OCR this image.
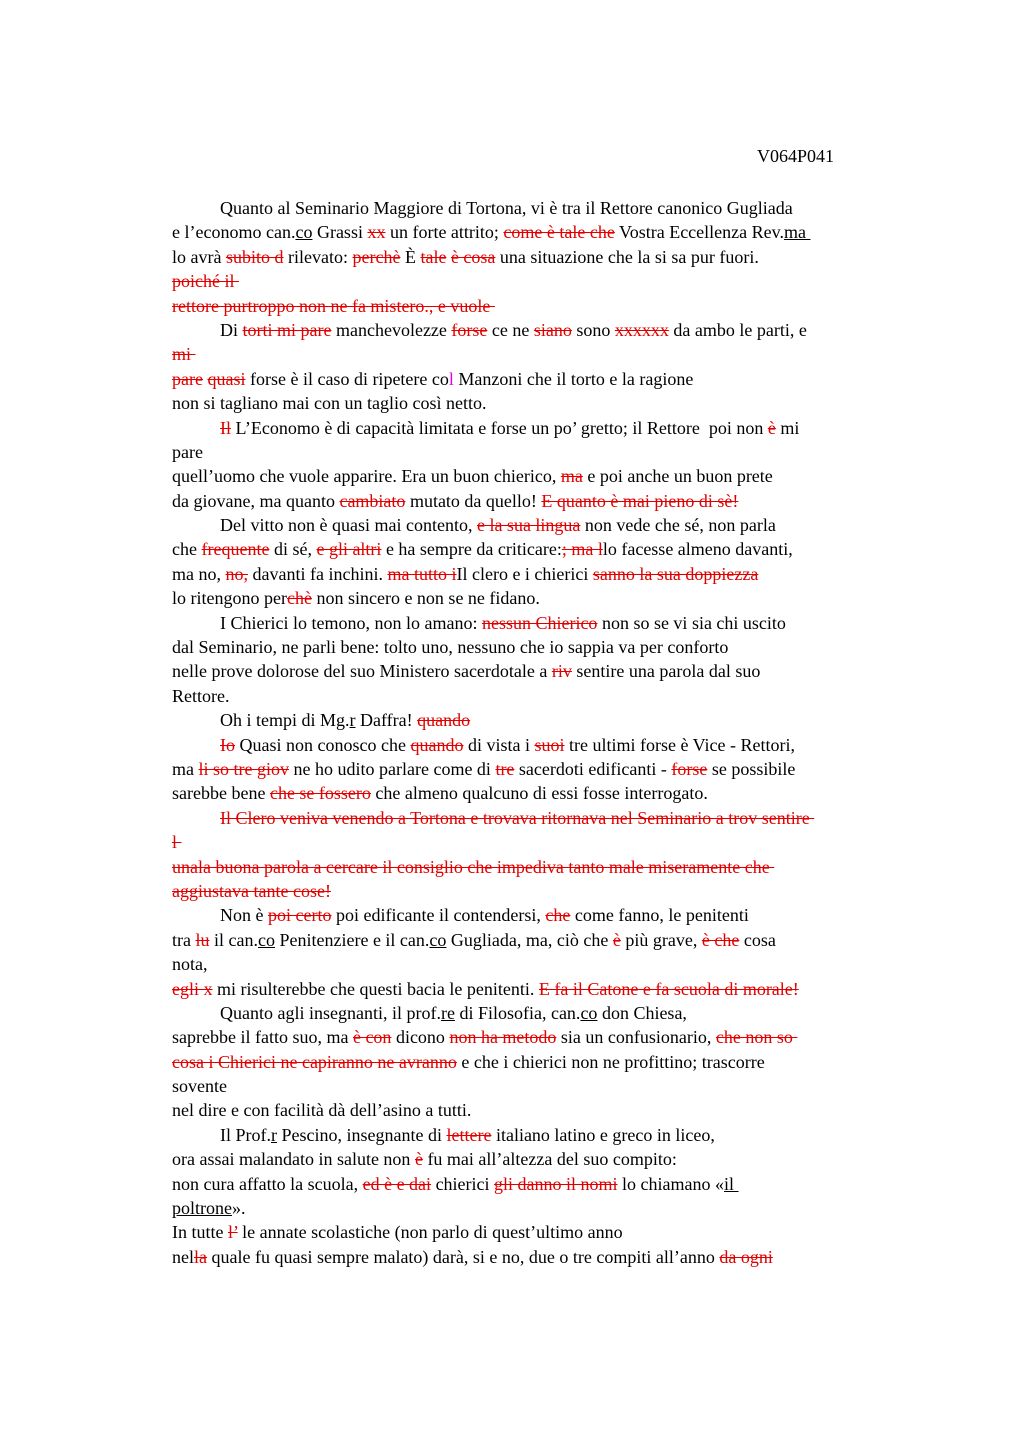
V064P041
Quanto al Seminario Maggiore di Tortona, vi è tra il Rettore canonico Gugliada
e l’economo can.co Grassi xx un forte attrito; come è tale che Vostra Eccellenza Rev.ma
lo avrà subito d rilevato: perchè È tale è cosa una situazione che la si sa pur fuori.
poiché il
rettore purtroppo non ne fa mistero., e vuole
Di torti mi pare manchevolezze forse ce ne siano sono xxxxxx da ambo le parti, e
mi
pare quasi forse è il caso di ripetere col Manzoni che il torto e la ragione
non si tagliano mai con un taglio così netto.
Il L’Economo è di capacità limitata e forse un po’ gretto; il Rettore  poi non è mi
pare
quell’uomo che vuole apparire. Era un buon chierico, ma e poi anche un buon prete
da giovane, ma quanto cambiato mutato da quello! E quanto è mai pieno di sè!
Del vitto non è quasi mai contento, e la sua lingua non vede che sé, non parla
che frequente di sé, e gli altri e ha sempre da criticare:; ma llo facesse almeno davanti,
ma no, no, davanti fa inchini. ma tutto iIl clero e i chierici sanno la sua doppiezza
lo ritengono perchè non sincero e non se ne fidano.
I Chierici lo temono, non lo amano: nessun Chierico non so se vi sia chi uscito
dal Seminario, ne parli bene: tolto uno, nessuno che io sappia va per conforto
nelle prove dolorose del suo Ministero sacerdotale a riv sentire una parola dal suo
Rettore.
Oh i tempi di Mg.r Daffra! quando
Io Quasi non conosco che quando di vista i suoi tre ultimi forse è Vice - Rettori,
ma li so tre giov ne ho udito parlare come di tre sacerdoti edificanti - forse se possibile
sarebbe bene che se fossero che almeno qualcuno di essi fosse interrogato.
Il Clero veniva venendo a Tortona e trovava ritornava nel Seminario a trov sentire
l
unala buona parola a cercare il consiglio che impediva tanto male miseramente che
aggiustava tante cose!
Non è poi certo poi edificante il contendersi, che come fanno, le penitenti
tra lu il can.co Penitenziere e il can.co Gugliada, ma, ciò che è più grave, è che cosa
nota,
egli x mi risulterebbe che questi bacia le penitenti. E fa il Catone e fa scuola di morale!
Quanto agli insegnanti, il prof.re di Filosofia, can.co don Chiesa,
saprebbe il fatto suo, ma è con dicono non ha metodo sia un confusionario, che non so
cosa i Chierici ne capiranno ne avranno e che i chierici non ne profittino; trascorre
sovente
nel dire e con facilità dà dell’asino a tutti.
Il Prof.r Pescino, insegnante di lettere italiano latino e greco in liceo,
ora assai malandato in salute non è fu mai all’altezza del suo compito:
non cura affatto la scuola, ed è e dai chierici gli danno il nomi lo chiamano «il
poltrone».
In tutte l’ le annate scolastiche (non parlo di quest’ultimo anno
nella quale fu quasi sempre malato) darà, si e no, due o tre compiti all’anno da ogni
